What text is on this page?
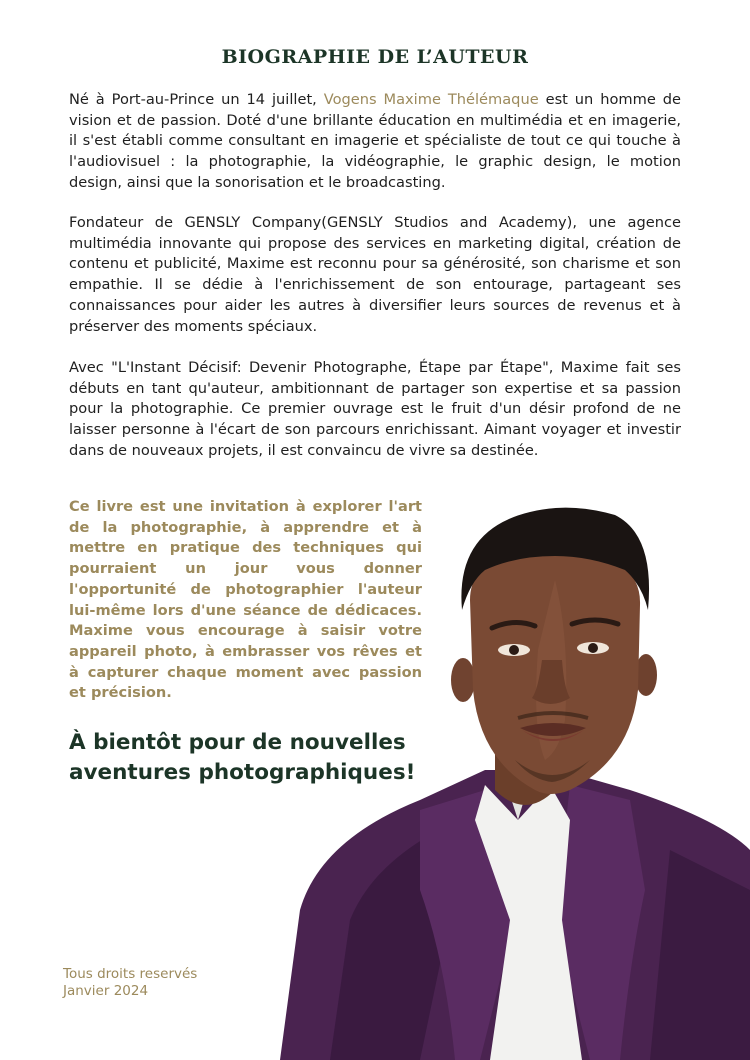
BIOGRAPHIE DE L’AUTEUR

Né à Port-au-Prince un 14 juillet, Vogens Maxime Thélémaque est un homme de vision et de passion. Doté d'une brillante éducation en multimédia et en imagerie, il s'est établi comme consultant en imagerie et spécialiste de tout ce qui touche à l'audiovisuel : la photographie, la vidéographie, le graphic design, le motion design, ainsi que la sonorisation et le broadcasting.

Fondateur de GENSLY Company(GENSLY Studios and Academy), une agence multimédia innovante qui propose des services en marketing digital, création de contenu et publicité, Maxime est reconnu pour sa générosité, son charisme et son empathie. Il se dédie à l'enrichissement de son entourage, partageant ses connaissances pour aider les autres à diversifier leurs sources de revenus et à préserver des moments spéciaux.

Avec "L'Instant Décisif: Devenir Photographe, Étape par Étape", Maxime fait ses débuts en tant qu'auteur, ambitionnant de partager son expertise et sa passion pour la photographie. Ce premier ouvrage est le fruit d'un désir profond de ne laisser personne à l'écart de son parcours enrichissant. Aimant voyager et investir dans de nouveaux projets, il est convaincu de vivre sa destinée.

Ce livre est une invitation à explorer l'art de la photographie, à apprendre et à mettre en pratique des techniques qui pourraient un jour vous donner l'opportunité de photographier l'auteur lui-même lors d'une séance de dédicaces. Maxime vous encourage à saisir votre appareil photo, à embrasser vos rêves et à capturer chaque moment avec passion et précision.

À bientôt pour de nouvelles aventures photographiques!

Tous droits reservés
Janvier 2024
